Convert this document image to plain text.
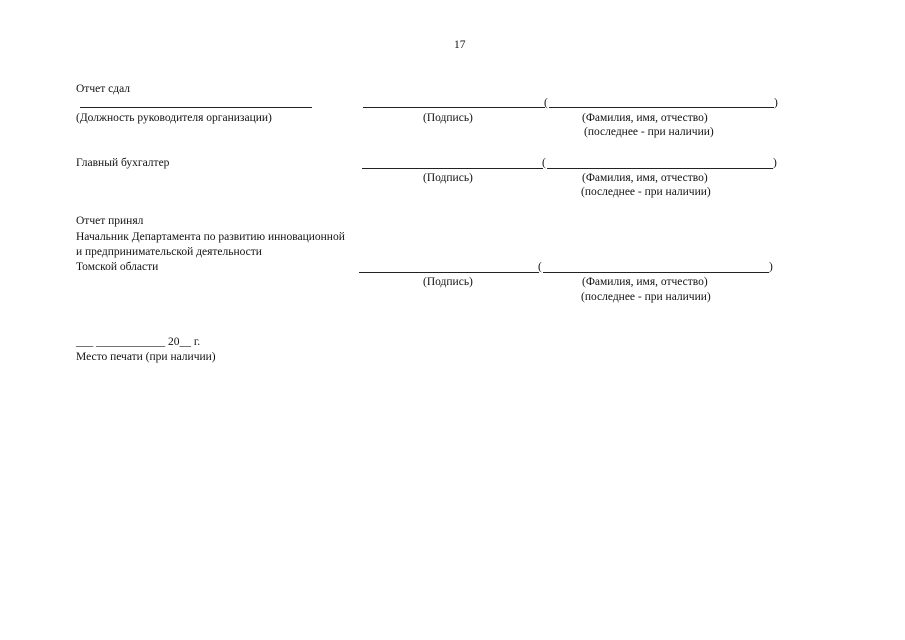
17
Отчет сдал
(	)
(Должность руководителя организации)	(Подпись)	(Фамилия, имя, отчество)
(последнее - при наличии)
Главный бухгалтер	(	)
(Подпись)	(Фамилия, имя, отчество)
(последнее - при наличии)
Отчет принял
Начальник Департамента по развитию инновационной
и предпринимательской деятельности
Томской области	(	)
(Подпись)	(Фамилия, имя, отчество)
(последнее - при наличии)
___ ____________ 20__ г.
Место печати (при наличии)
